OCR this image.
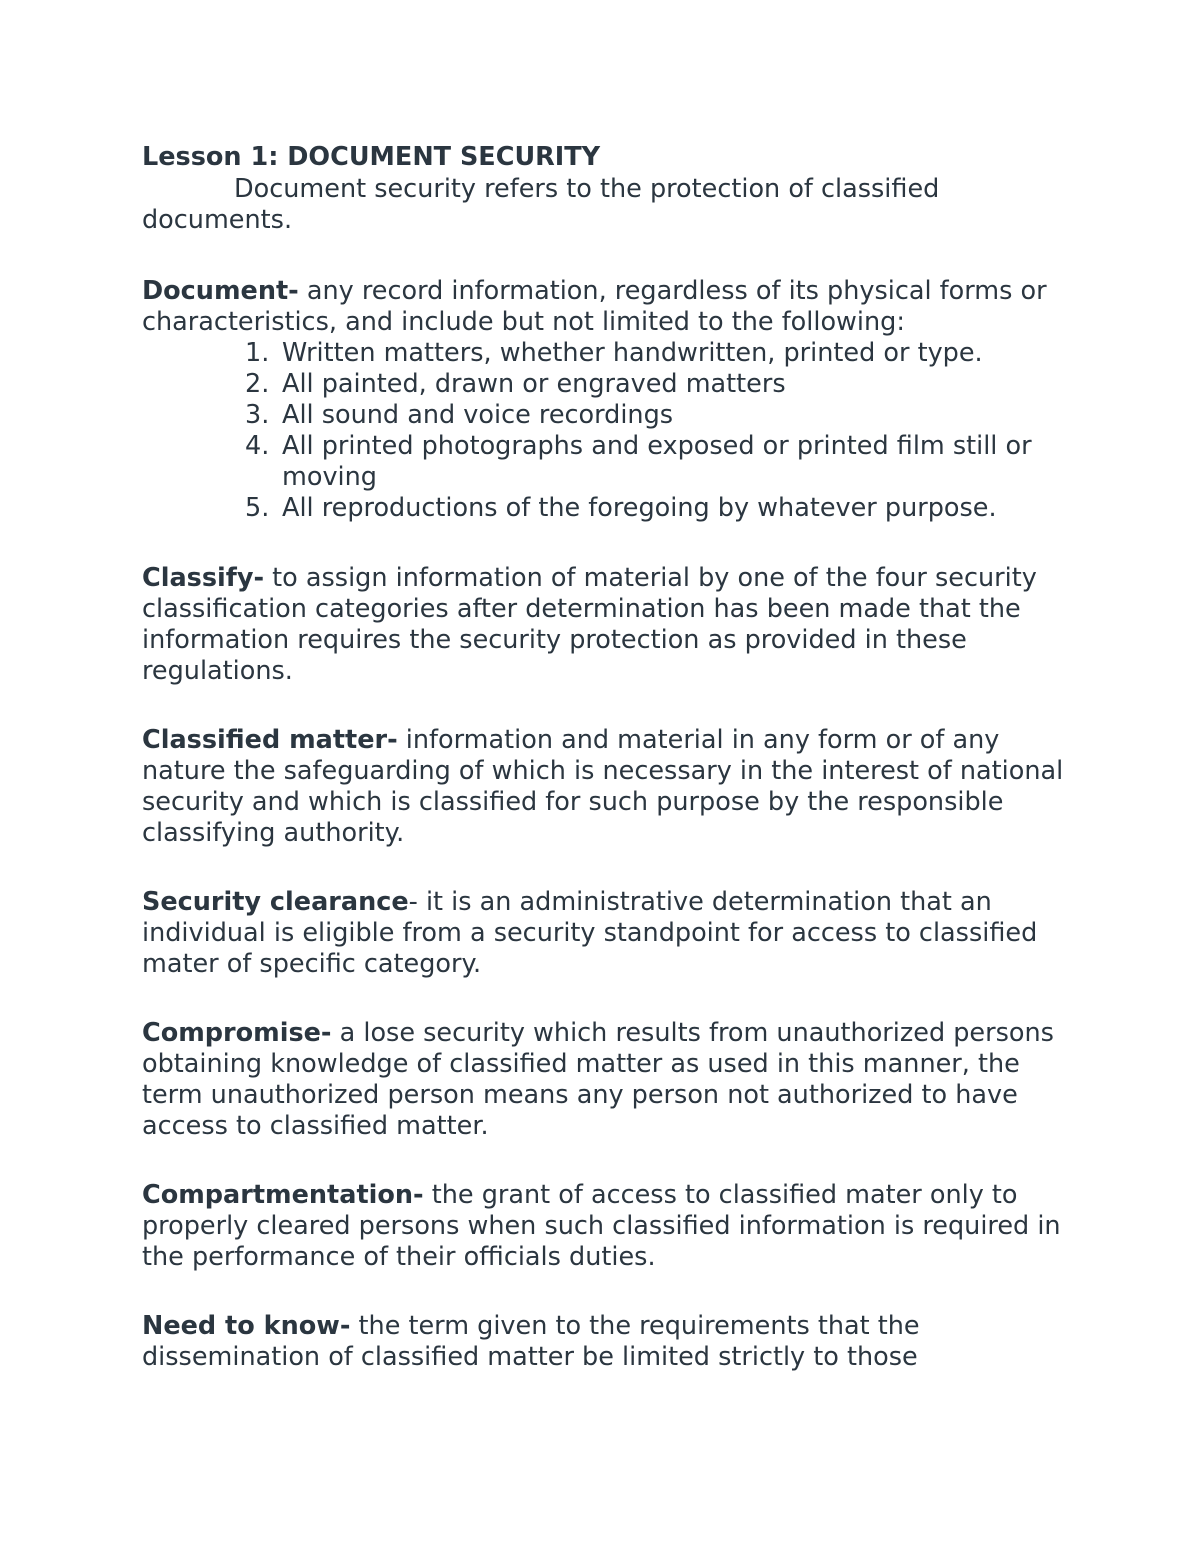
Lesson 1: DOCUMENT SECURITY

Document security refers to the protection of classified documents.

Document- any record information, regardless of its physical forms or characteristics, and include but not limited to the following:

1. Written matters, whether handwritten, printed or type.
2. All painted, drawn or engraved matters
3. All sound and voice recordings
4. All printed photographs and exposed or printed film still or moving
5. All reproductions of the foregoing by whatever purpose.

Classify- to assign information of material by one of the four security classification categories after determination has been made that the information requires the security protection as provided in these regulations.

Classified matter- information and material in any form or of any nature the safeguarding of which is necessary in the interest of national security and which is classified for such purpose by the responsible classifying authority.

Security clearance- it is an administrative determination that an individual is eligible from a security standpoint for access to classified mater of specific category.

Compromise- a lose security which results from unauthorized persons obtaining knowledge of classified matter as used in this manner, the term unauthorized person means any person not authorized to have access to classified matter.

Compartmentation- the grant of access to classified mater only to properly cleared persons when such classified information is required in the performance of their officials duties.

Need to know- the term given to the requirements that the dissemination of classified matter be limited strictly to those
